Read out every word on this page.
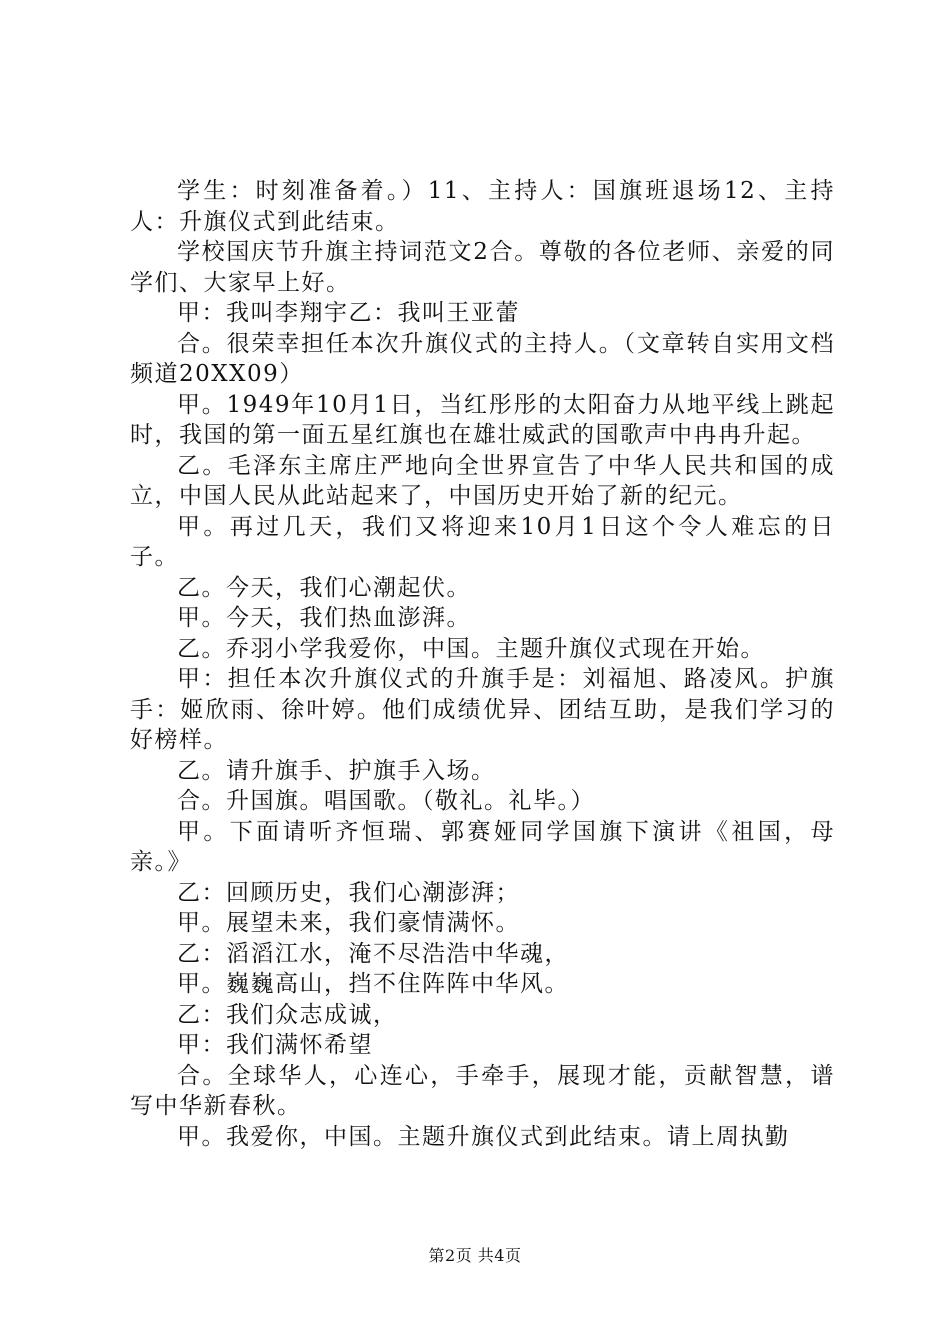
学生：时刻准备着。）11、主持人：国旗班退场12、主持人：升旗仪式到此结束。

学校国庆节升旗主持词范文2合。尊敬的各位老师、亲爱的同学们、大家早上好。

甲：我叫李翔宇乙：我叫王亚蕾

合。很荣幸担任本次升旗仪式的主持人。（文章转自实用文档频道20XX09）

甲。1949年10月1日，当红彤彤的太阳奋力从地平线上跳起时，我国的第一面五星红旗也在雄壮威武的国歌声中冉冉升起。

乙。毛泽东主席庄严地向全世界宣告了中华人民共和国的成立，中国人民从此站起来了，中国历史开始了新的纪元。

甲。再过几天，我们又将迎来10月1日这个令人难忘的日子。

乙。今天，我们心潮起伏。

甲。今天，我们热血澎湃。

乙。乔羽小学我爱你，中国。主题升旗仪式现在开始。

甲：担任本次升旗仪式的升旗手是：刘福旭、路凌风。护旗手：姬欣雨、徐叶婷。他们成绩优异、团结互助，是我们学习的好榜样。

乙。请升旗手、护旗手入场。

合。升国旗。唱国歌。（敬礼。礼毕。）

甲。下面请听齐恒瑞、郭赛娅同学国旗下演讲《祖国，母亲。》

乙：回顾历史，我们心潮澎湃；

甲。展望未来，我们豪情满怀。

乙：滔滔江水，淹不尽浩浩中华魂，

甲。巍巍高山，挡不住阵阵中华风。

乙：我们众志成诚，

甲：我们满怀希望

合。全球华人，心连心，手牵手，展现才能，贡献智慧，谱写中华新春秋。

甲。我爱你，中国。主题升旗仪式到此结束。请上周执勤

第2页 共4页
